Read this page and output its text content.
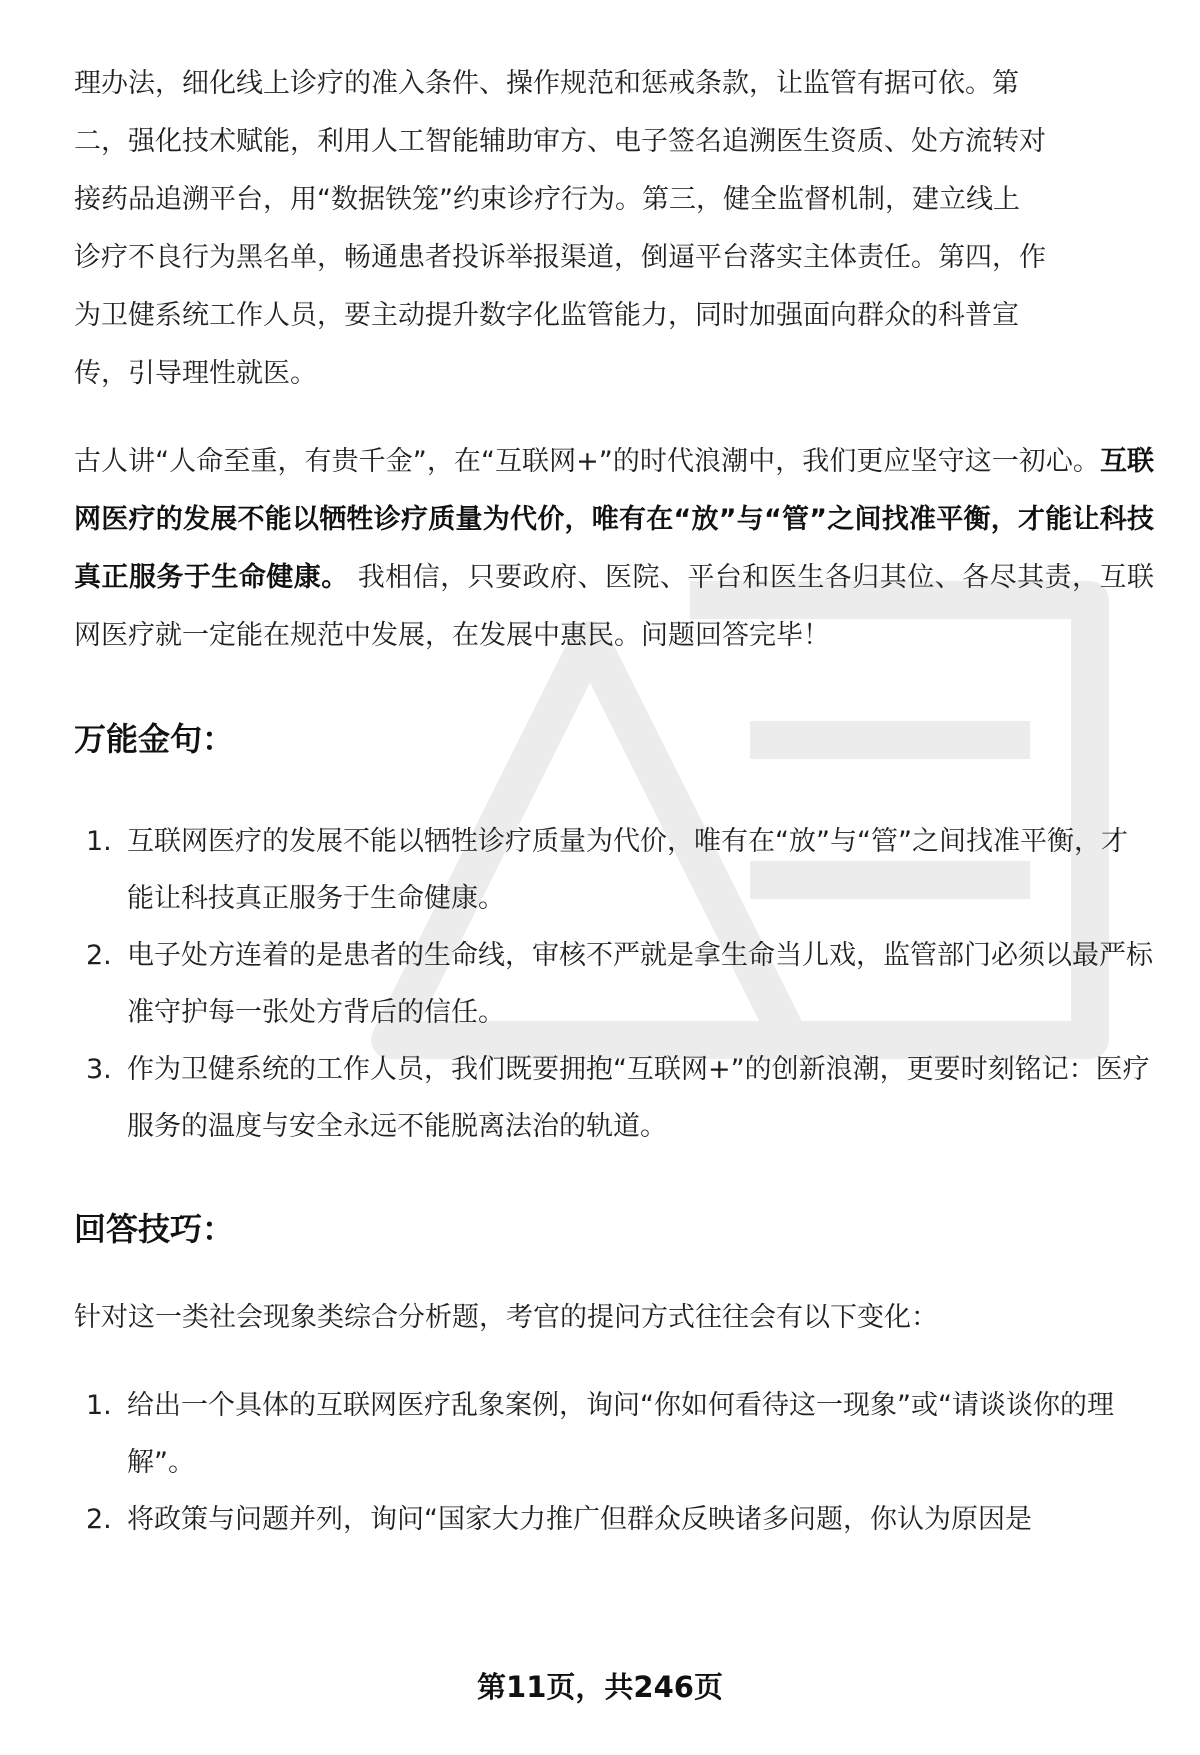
理办法，细化线上诊疗的准入条件、操作规范和惩戒条款，让监管有据可依。第

二，强化技术赋能，利用人工智能辅助审方、电子签名追溯医生资质、处方流转对

接药品追溯平台，用“数据铁笼”约束诊疗行为。第三，健全监督机制，建立线上

诊疗不良行为黑名单，畅通患者投诉举报渠道，倒逼平台落实主体责任。第四，作

为卫健系统工作人员，要主动提升数字化监管能力，同时加强面向群众的科普宣

传，引导理性就医。

古人讲“人命至重，有贵千金”，在“互联网+”的时代浪潮中，我们更应坚守这一初心。互联网医疗的发展不能以牺牲诊疗质量为代价，唯有在“放”与“管”之间找准平衡，才能让科技真正服务于生命健康。 我相信，只要政府、医院、平台和医生各归其位、各尽其责，互联网医疗就一定能在规范中发展，在发展中惠民。问题回答完毕！

万能金句：
1. 互联网医疗的发展不能以牺牲诊疗质量为代价，唯有在“放”与“管”之间找准平衡，才能让科技真正服务于生命健康。
2. 电子处方连着的是患者的生命线，审核不严就是拿生命当儿戏，监管部门必须以最严标准守护每一张处方背后的信任。
3. 作为卫健系统的工作人员，我们既要拥抱“互联网+”的创新浪潮，更要时刻铭记：医疗服务的温度与安全永远不能脱离法治的轨道。
回答技巧：

针对这一类社会现象类综合分析题，考官的提问方式往往会有以下变化：

1. 给出一个具体的互联网医疗乱象案例，询问“你如何看待这一现象”或“请谈谈你的理解”。
2. 将政策与问题并列，询问“国家大力推广但群众反映诸多问题，你认为原因是
第11页，共246页
